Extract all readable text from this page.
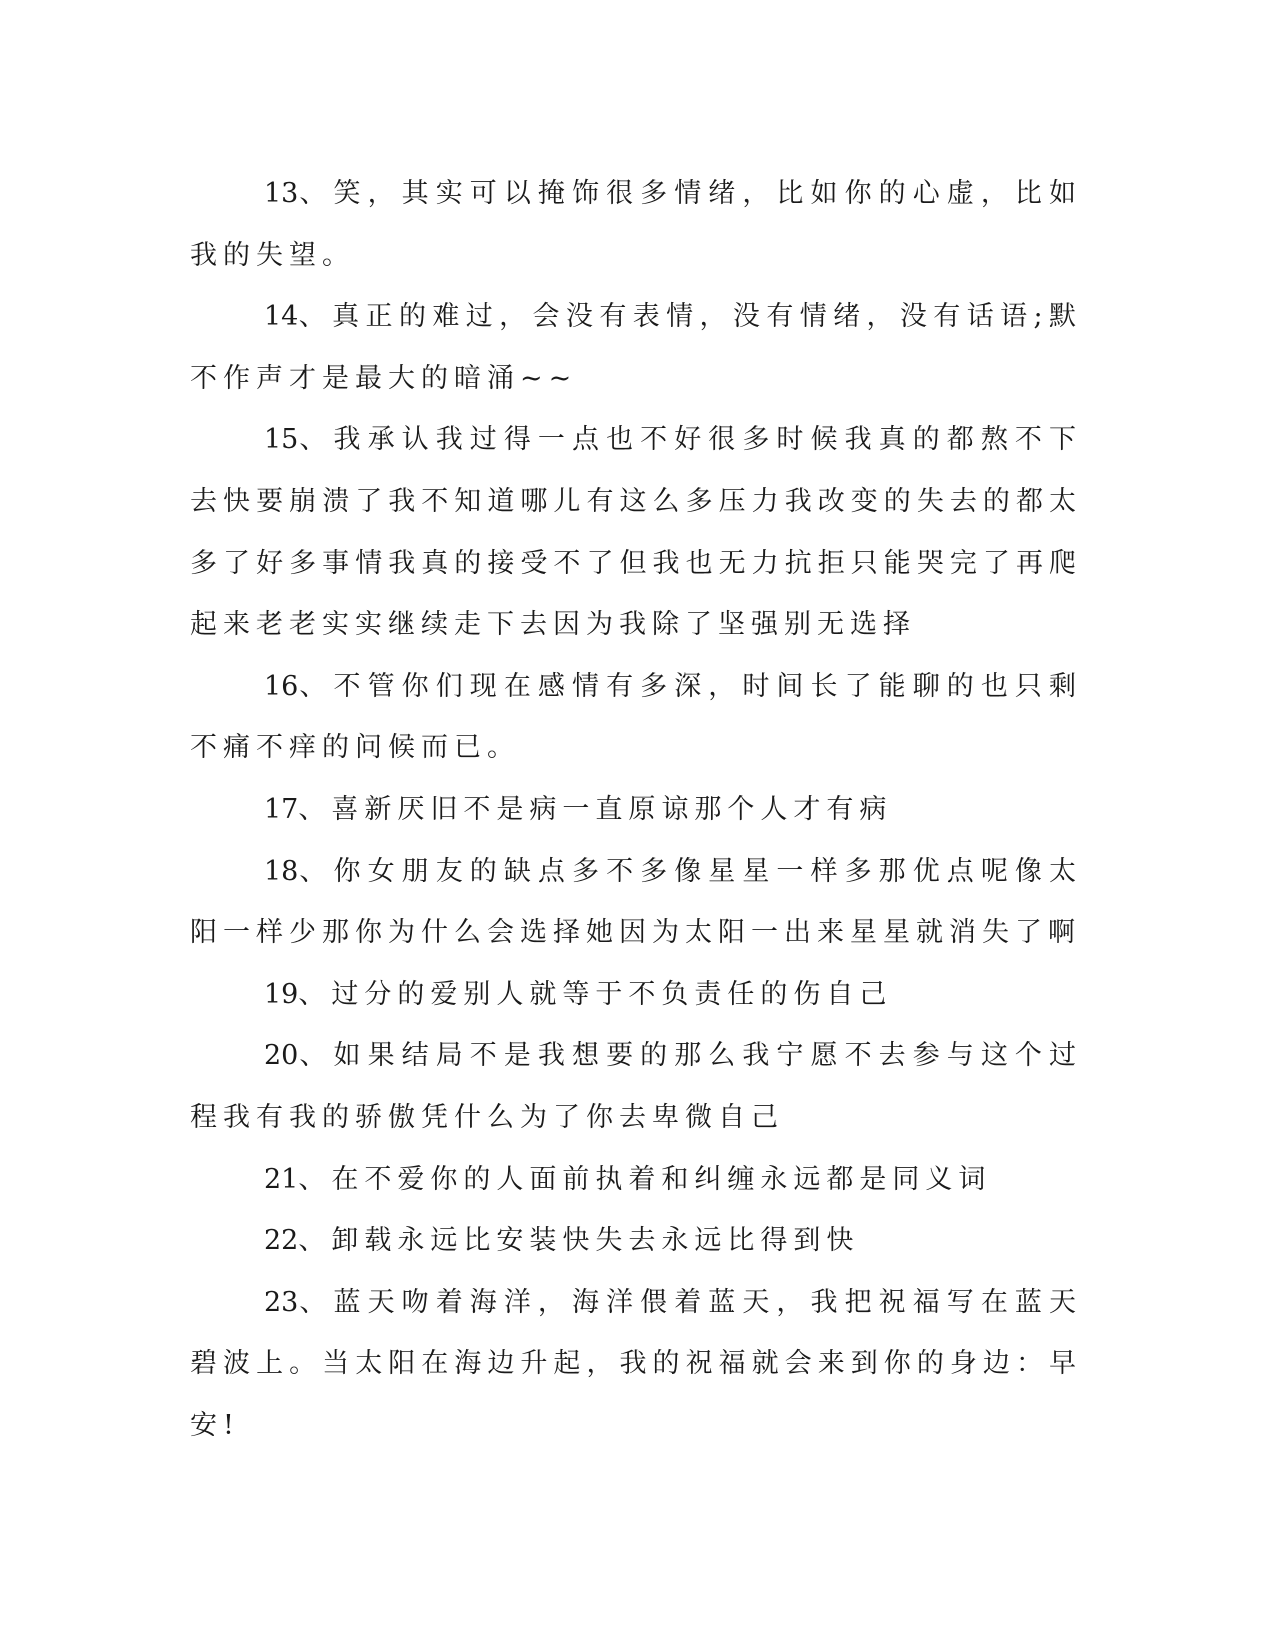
13、笑，其实可以掩饰很多情绪，比如你的心虚，比如我的失望。

14、真正的难过，会没有表情，没有情绪，没有话语;默不作声才是最大的暗涌~~

15、我承认我过得一点也不好很多时候我真的都熬不下去快要崩溃了我不知道哪儿有这么多压力我改变的失去的都太多了好多事情我真的接受不了但我也无力抗拒只能哭完了再爬起来老老实实继续走下去因为我除了坚强别无选择

16、不管你们现在感情有多深，时间长了能聊的也只剩不痛不痒的问候而已。

17、喜新厌旧不是病一直原谅那个人才有病

18、你女朋友的缺点多不多像星星一样多那优点呢像太阳一样少那你为什么会选择她因为太阳一出来星星就消失了啊

19、过分的爱别人就等于不负责任的伤自己

20、如果结局不是我想要的那么我宁愿不去参与这个过程我有我的骄傲凭什么为了你去卑微自己

21、在不爱你的人面前执着和纠缠永远都是同义词

22、卸载永远比安装快失去永远比得到快

23、蓝天吻着海洋，海洋偎着蓝天，我把祝福写在蓝天碧波上。当太阳在海边升起，我的祝福就会来到你的身边：早安!
